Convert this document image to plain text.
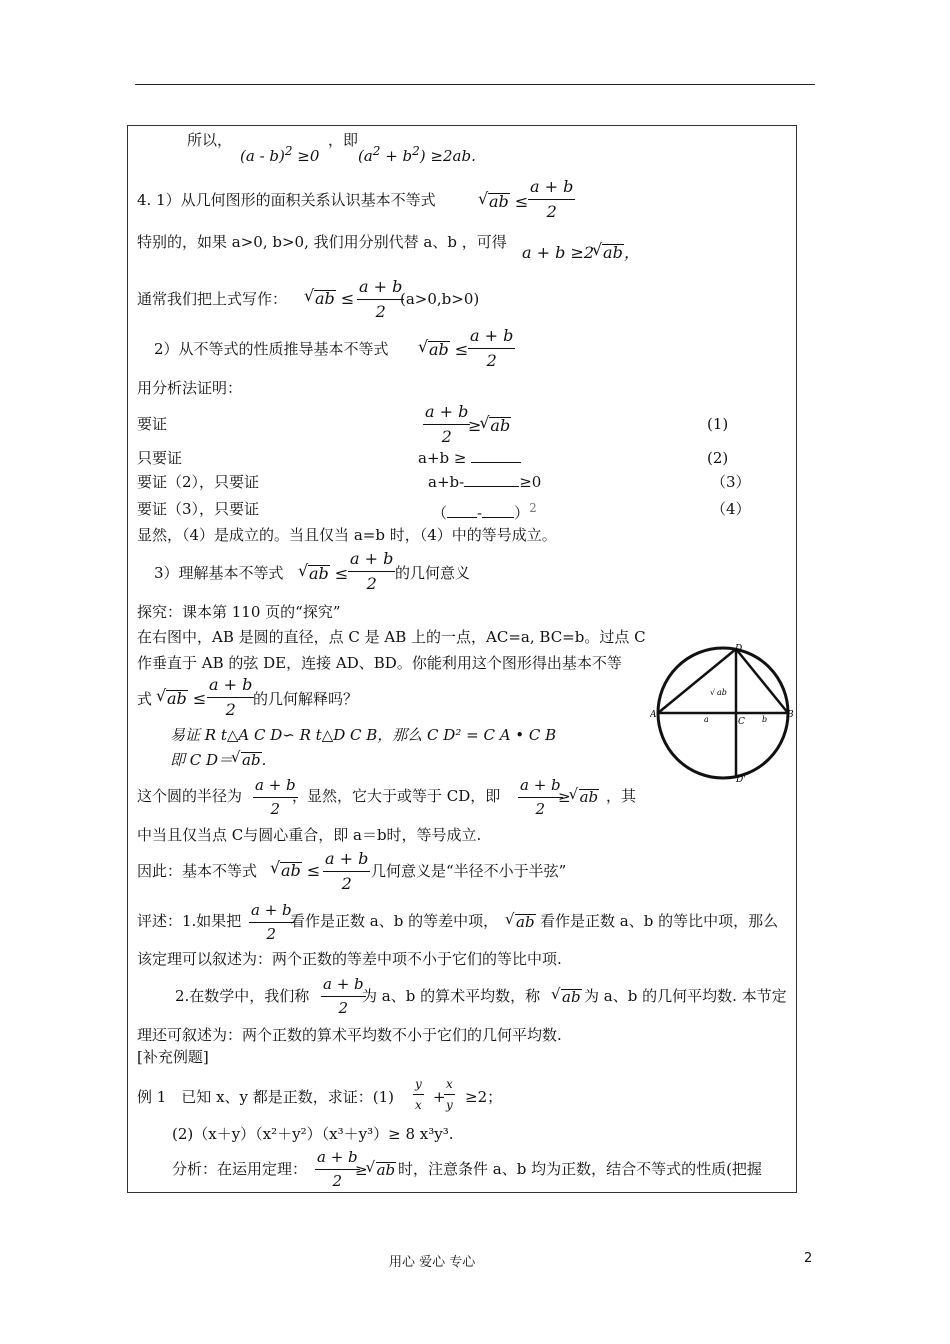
所以，
(a - b)$^2$ ≥0
，即
$(a^2 + b^2) \ge 2ab$.
4. 1）从几何图形的面积关系认识基本不等式	√ ab ≤ $\frac{a + b}{2}$
特别的，如果 a>0, b>0, 我们用分别代替 a、b ，可得
a + b ≥2 √ ab，
通常我们把上式写作：	√ ab ≤ $\frac{a + b}{2}$
(a>0,b>0)
2）从不等式的性质推导基本不等式	√ ab ≤ $\frac{a + b}{2}$
用分析法证明：
要证	$\frac{a + b}{2}$
≥ √ ab	(1)
只要证	a+b ≥	(2)
要证（2），只要证	a+b-	≥0	（3）
要证（3），只要证	（ - ）$^2$	（4）
显然，（4）是成立的。当且仅当 a=b 时，（4）中的等号成立。
3）理解基本不等式	√ ab ≤ $\frac{a + b}{2}$ 的几何意义
探究：课本第 110 页的“探究”
在右图中，AB 是圆的直径，点 C 是 AB 上的一点，AC=a, BC=b。过点 C
作垂直于 AB 的弦 DE，连接 AD、BD。你能利用这个图形得出基本不等
式 √ ab ≤ $\frac{a + b}{2}$
的几何解释吗？
易证 R t△A C D∽ R t△D C B，那么 C D² = C A • C B
即 C D＝ √ ab.
这个圆的半径为 $\frac{a + b}{2}$
，显然，它大于或等于 CD，即 $\frac{a + b}{2}$
≥ √ ab ，其
中当且仅当点 C与圆心重合，即 a＝b时，等号成立.
因此：基本不等式	√ ab ≤ $\frac{a + b}{2}$ 几何意义是“半径不小于半弦”
评述：1.如果把 $\frac{a + b}{2}$
看作是正数 a、b 的等差中项，	√ ab 看作是正数 a、b 的等比中项，那么
该定理可以叙述为：两个正数的等差中项不小于它们的等比中项.
2.在数学中，我们称 $\frac{a + b}{2}$
为 a、b 的算术平均数，称	√ ab 为 a、b 的几何平均数. 本节定
理还可叙述为：两个正数的算术平均数不小于它们的几何平均数.
[补充例题]
例 1　已知 x、y 都是正数，求证：$(1) \frac{y}{x}$ +
$\frac{x}{y} \ge 2$；
(2)（x＋y）（x²＋y²）（x³＋y³）≥ 8 x³y³.
分析：在运用定理： $\frac{a + b}{2}$
≥ √ ab 时，注意条件 a、b 均为正数，结合不等式的性质(把握
D
A	B
C
D'
a	b
√ ab
用心 爱心 专心	2
